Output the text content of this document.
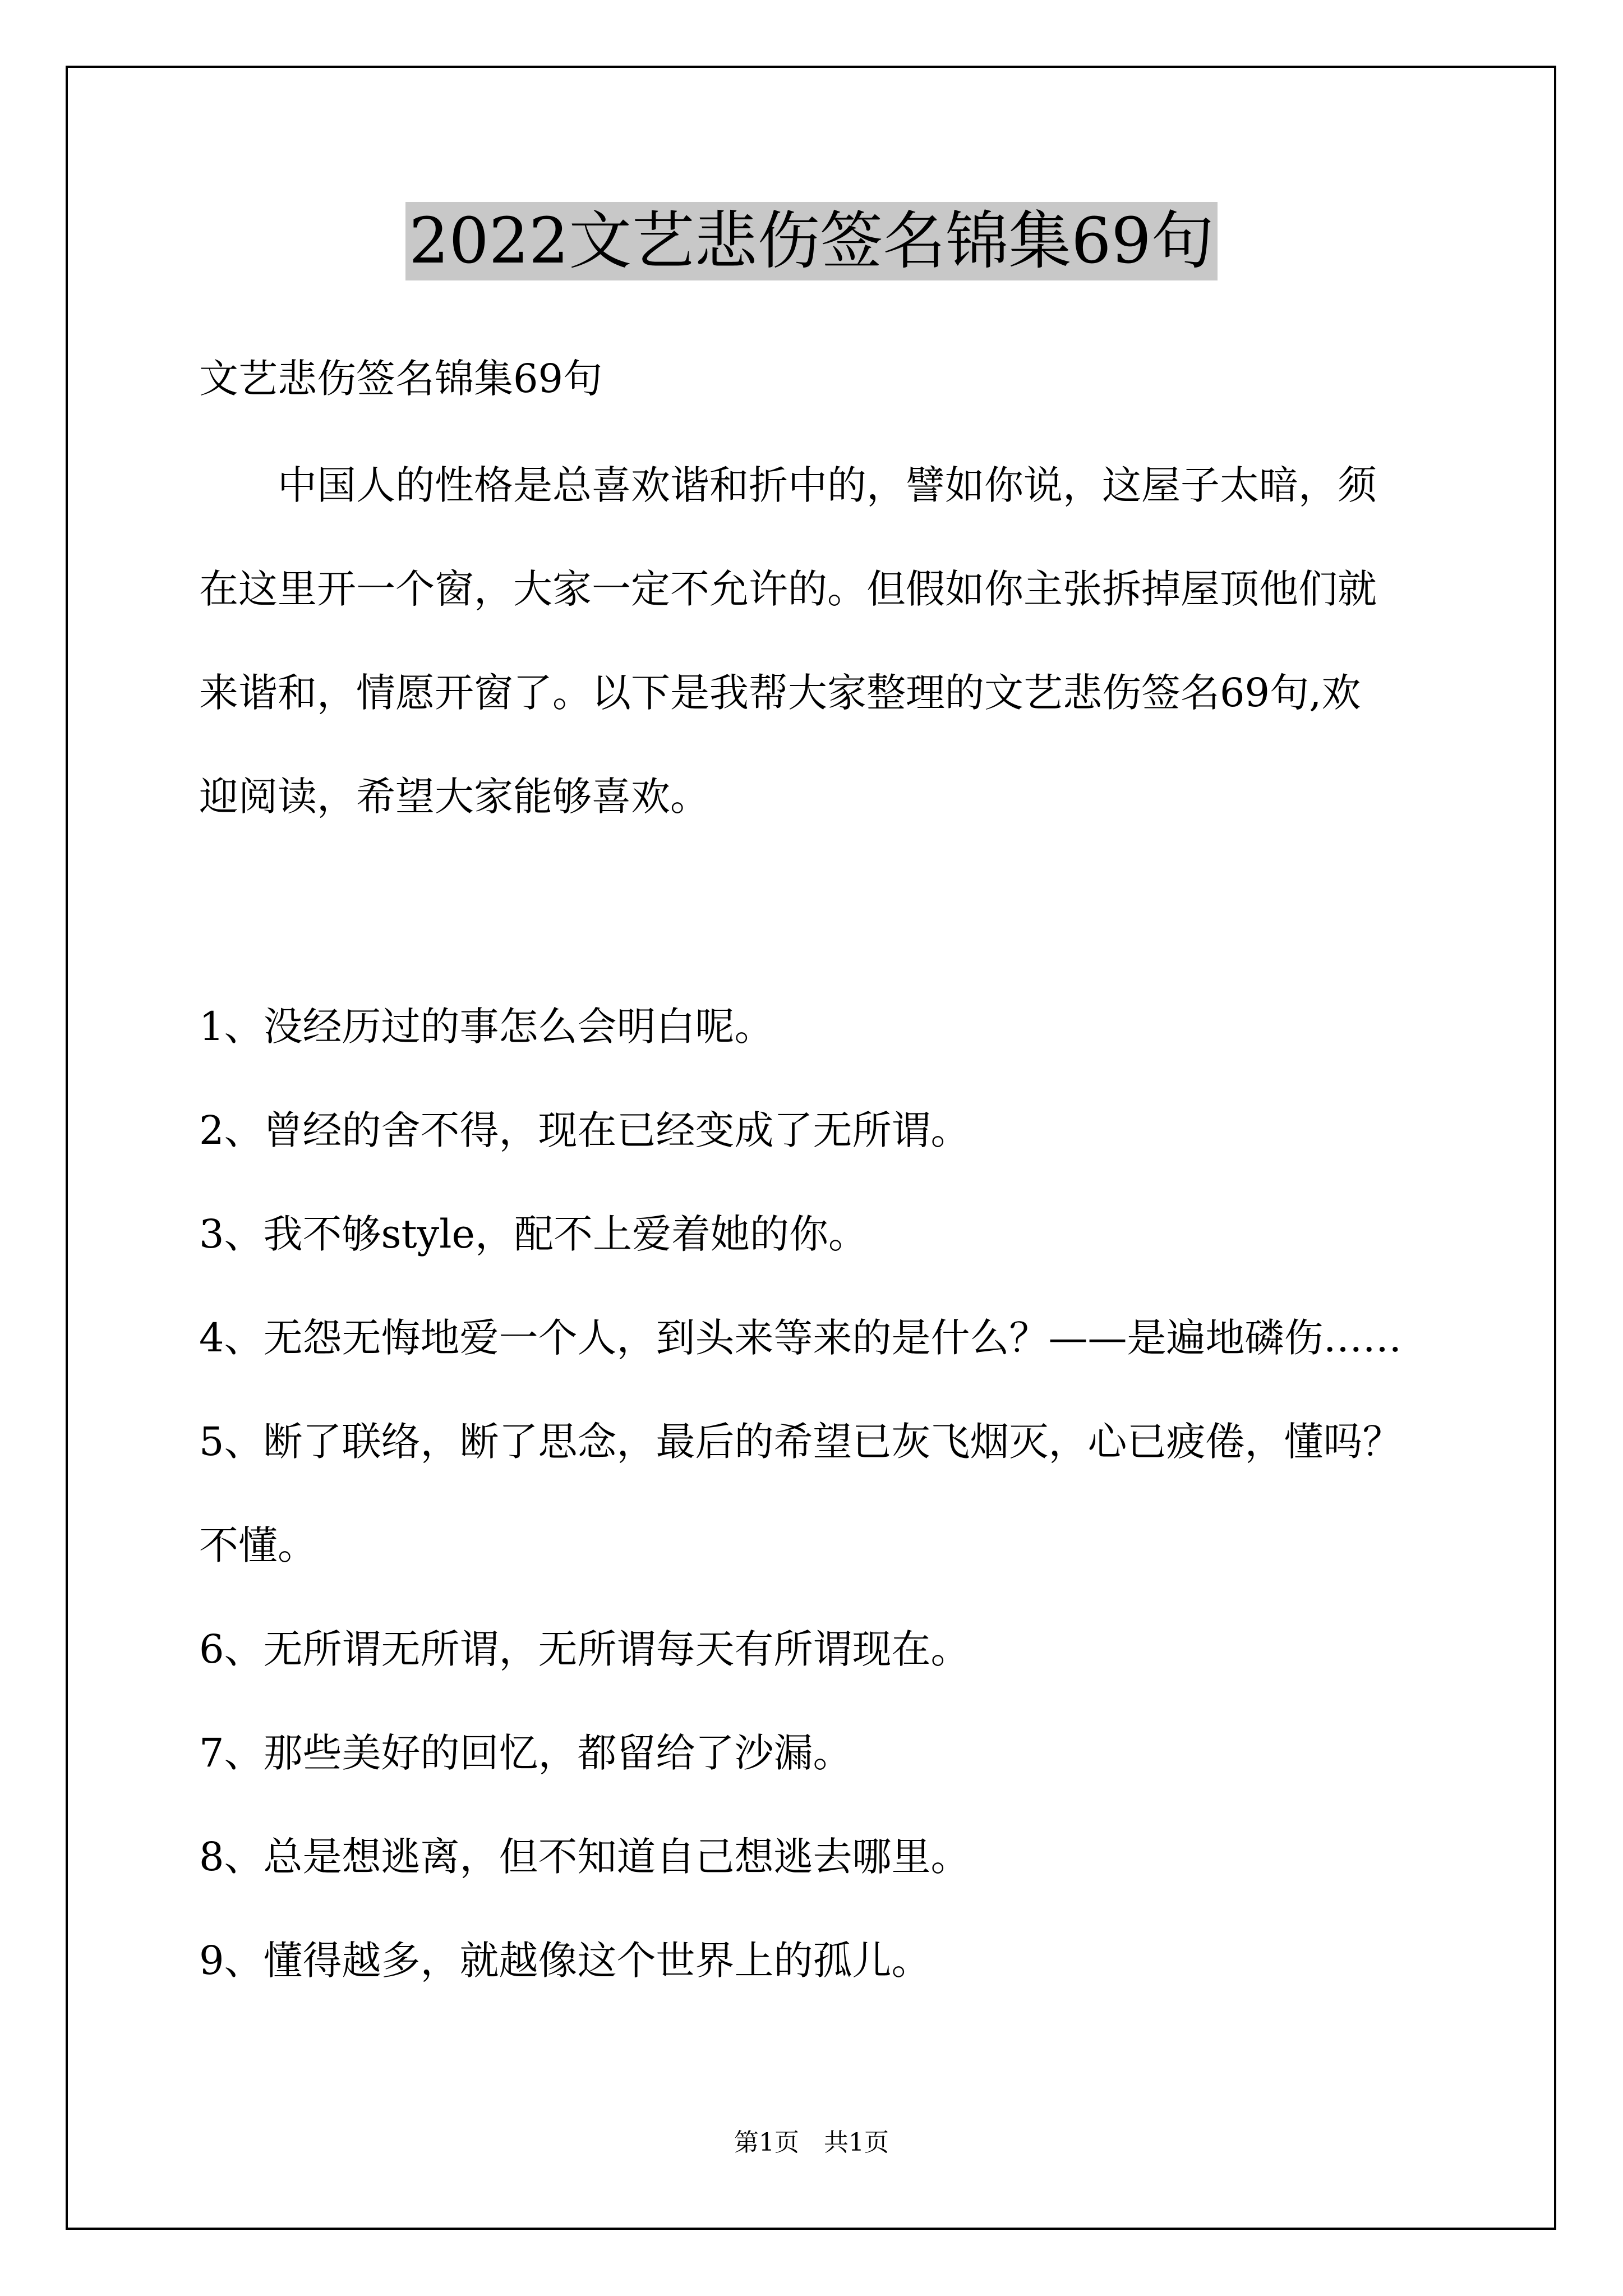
2022文艺悲伤签名锦集69句
文艺悲伤签名锦集69句
　　中国人的性格是总喜欢谐和折中的，譬如你说，这屋子太暗，须
在这里开一个窗，大家一定不允许的。但假如你主张拆掉屋顶他们就
来谐和，情愿开窗了。以下是我帮大家整理的文艺悲伤签名69句,欢
迎阅读，希望大家能够喜欢。
1、没经历过的事怎么会明白呢。
2、曾经的舍不得，现在已经变成了无所谓。
3、我不够style，配不上爱着她的你。
4、无怨无悔地爱一个人，到头来等来的是什么？——是遍地磷伤……
5、断了联络，断了思念，最后的希望已灰飞烟灭，心已疲倦，懂吗？
不懂。
6、无所谓无所谓，无所谓每天有所谓现在。
7、那些美好的回忆，都留给了沙漏。
8、总是想逃离，但不知道自己想逃去哪里。
9、懂得越多，就越像这个世界上的孤儿。
第1页　共1页
